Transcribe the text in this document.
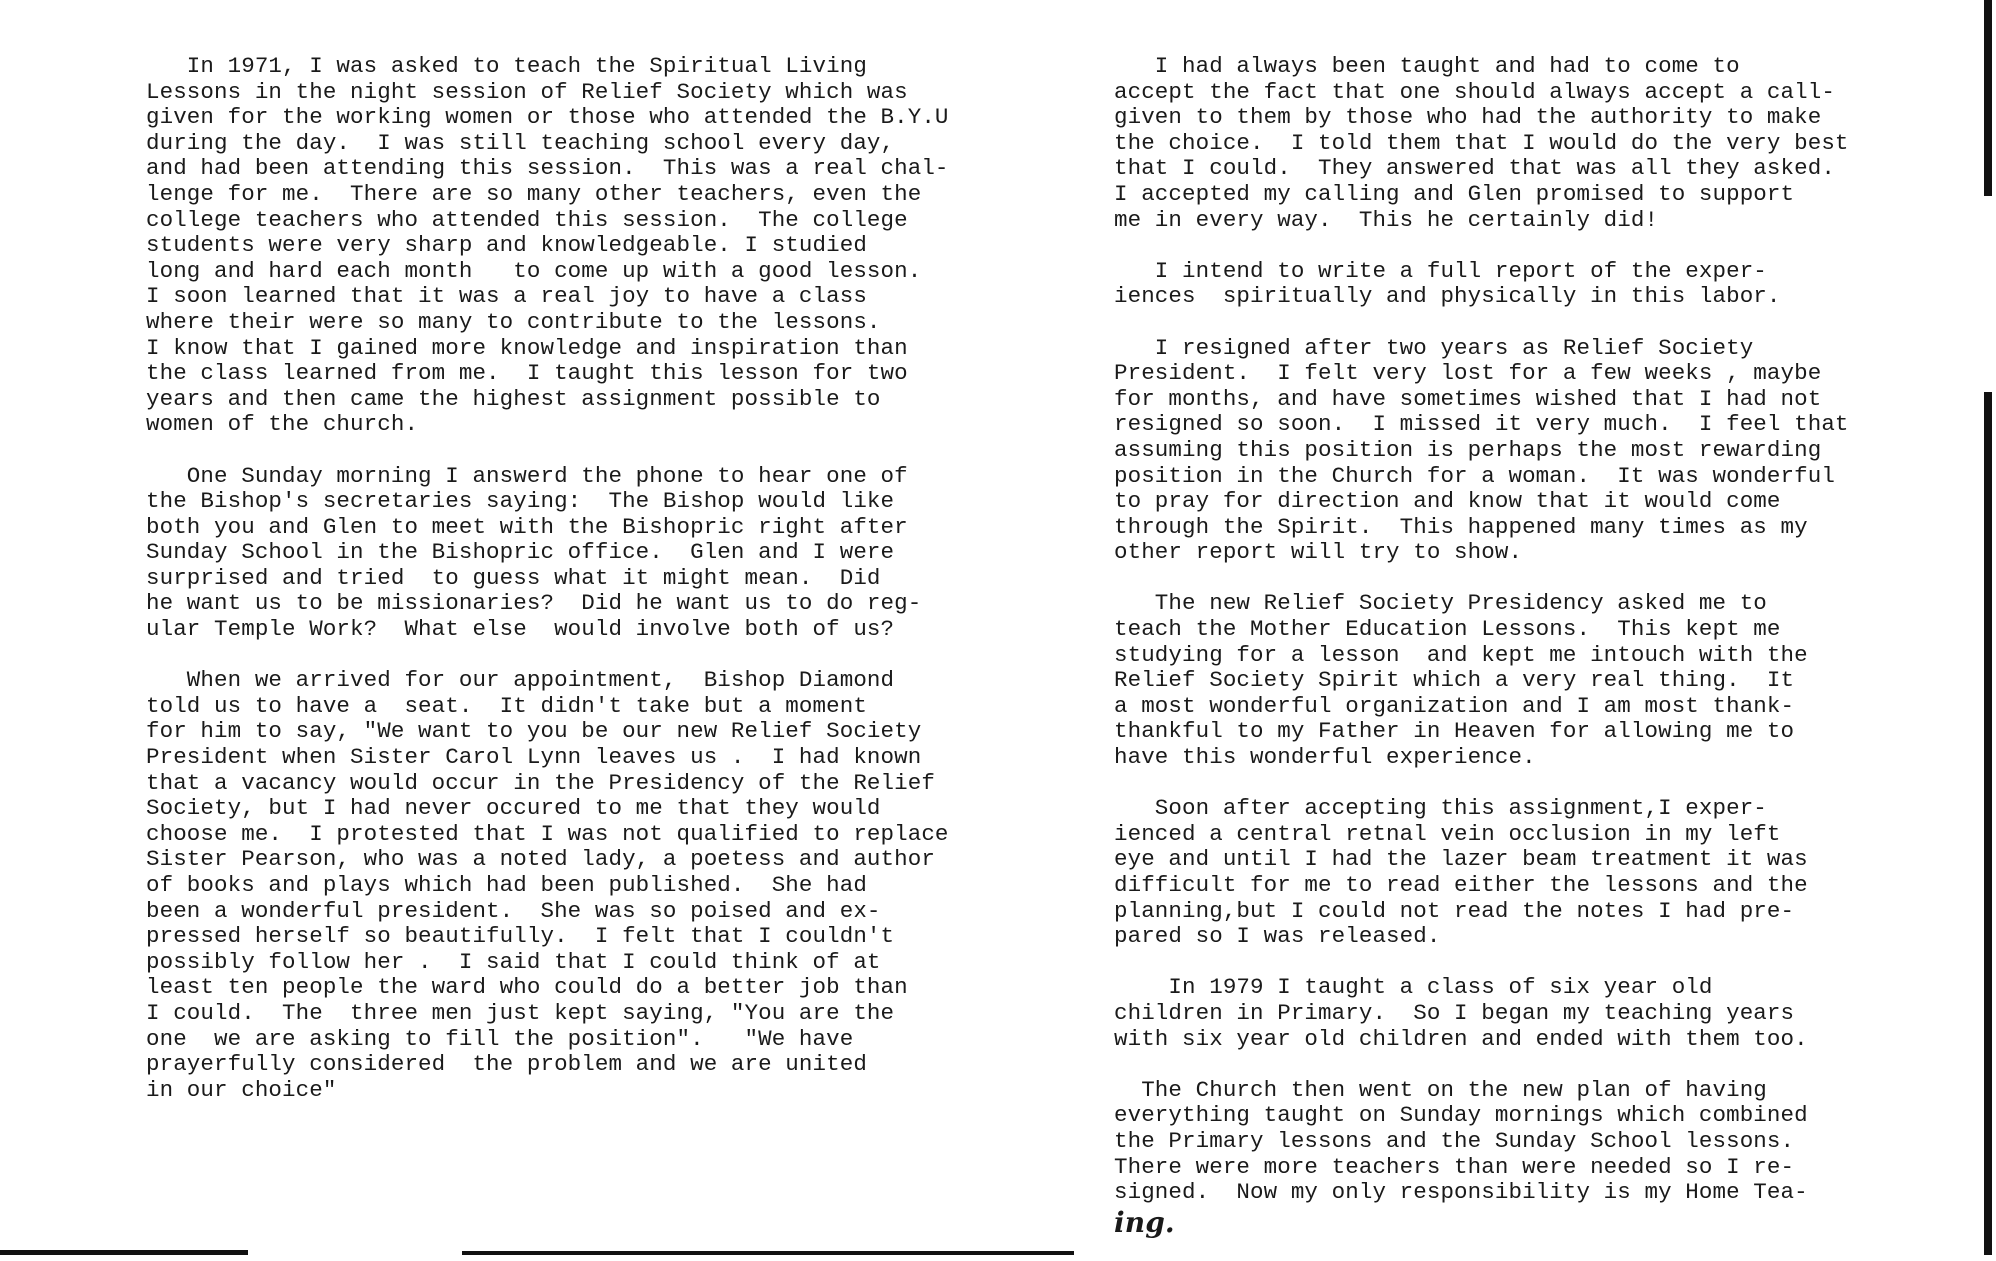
In 1971, I was asked to teach the Spiritual Living
Lessons in the night session of Relief Society which was
given for the working women or those who attended the B.Y.U
during the day.  I was still teaching school every day,
and had been attending this session.  This was a real chal-
lenge for me.  There are so many other teachers, even the
college teachers who attended this session.  The college
students were very sharp and knowledgeable. I studied
long and hard each month   to come up with a good lesson.
I soon learned that it was a real joy to have a class
where their were so many to contribute to the lessons.
I know that I gained more knowledge and inspiration than
the class learned from me.  I taught this lesson for two
years and then came the highest assignment possible to
women of the church.

One Sunday morning I answerd the phone to hear one of
the Bishop's secretaries saying:  The Bishop would like
both you and Glen to meet with the Bishopric right after
Sunday School in the Bishopric office.  Glen and I were
surprised and tried  to guess what it might mean.  Did
he want us to be missionaries?  Did he want us to do reg-
ular Temple Work?  What else  would involve both of us?

When we arrived for our appointment,  Bishop Diamond
told us to have a  seat.  It didn't take but a moment
for him to say, "We want to you be our new Relief Society
President when Sister Carol Lynn leaves us .  I had known
that a vacancy would occur in the Presidency of the Relief
Society, but I had never occured to me that they would
choose me.  I protested that I was not qualified to replace
Sister Pearson, who was a noted lady, a poetess and author
of books and plays which had been published.  She had
been a wonderful president.  She was so poised and ex-
pressed herself so beautifully.  I felt that I couldn't
possibly follow her .  I said that I could think of at
least ten people the ward who could do a better job than
I could.  The  three men just kept saying, "You are the
one  we are asking to fill the position".   "We have
prayerfully considered  the problem and we are united
in our choice"

I had always been taught and had to come to
accept the fact that one should always accept a call-
given to them by those who had the authority to make
the choice.  I told them that I would do the very best
that I could.  They answered that was all they asked.
I accepted my calling and Glen promised to support
me in every way.  This he certainly did!

I intend to write a full report of the exper-
iences  spiritually and physically in this labor.

I resigned after two years as Relief Society
President.  I felt very lost for a few weeks , maybe
for months, and have sometimes wished that I had not
resigned so soon.  I missed it very much.  I feel that
assuming this position is perhaps the most rewarding
position in the Church for a woman.  It was wonderful
to pray for direction and know that it would come
through the Spirit.  This happened many times as my
other report will try to show.

The new Relief Society Presidency asked me to
teach the Mother Education Lessons.  This kept me
studying for a lesson  and kept me intouch with the
Relief Society Spirit which a very real thing.  It
a most wonderful organization and I am most thank-
thankful to my Father in Heaven for allowing me to
have this wonderful experience.

Soon after accepting this assignment,I exper-
ienced a central retnal vein occlusion in my left
eye and until I had the lazer beam treatment it was
difficult for me to read either the lessons and the
planning,but I could not read the notes I had pre-
pared so I was released.

In 1979 I taught a class of six year old
children in Primary.  So I began my teaching years
with six year old children and ended with them too.

The Church then went on the new plan of having
everything taught on Sunday mornings which combined
the Primary lessons and the Sunday School lessons.
There were more teachers than were needed so I re-
signed.  Now my only responsibility is my Home Tea-
ing.
